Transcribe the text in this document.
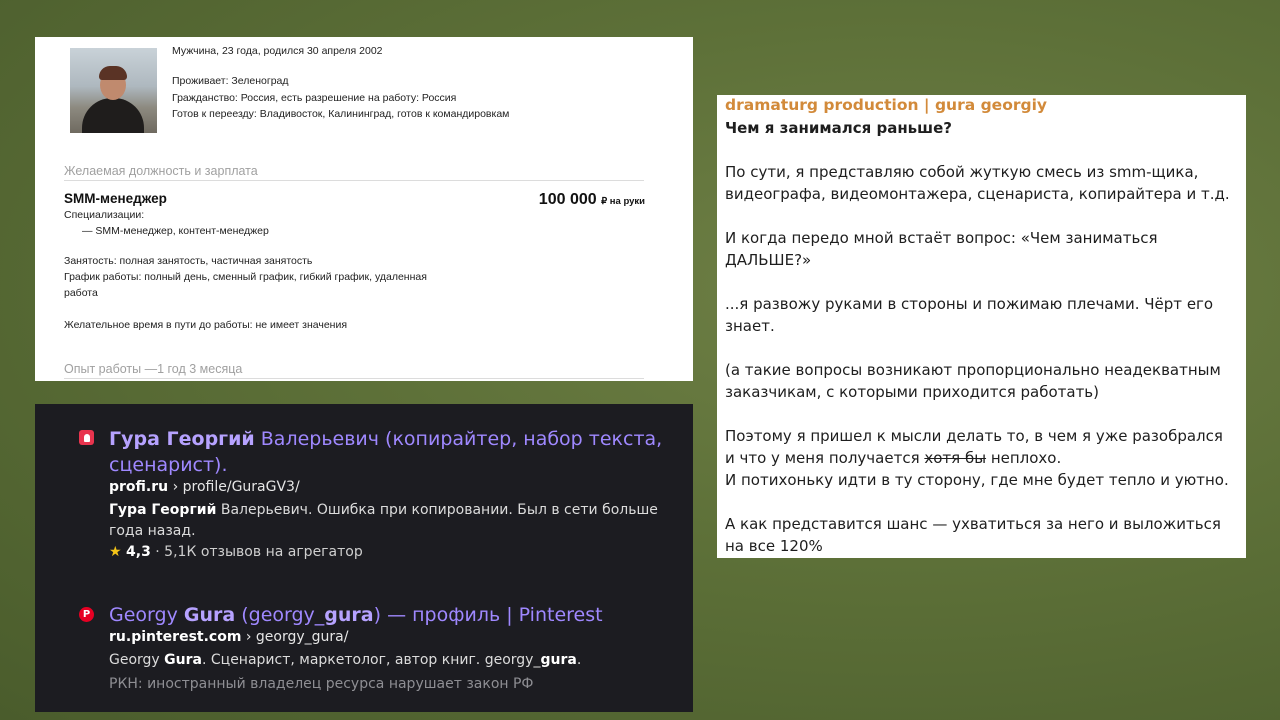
Мужчина, 23 года, родился 30 апреля 2002
Проживает: Зеленоград
Гражданство: Россия, есть разрешение на работу: Россия
Готов к переезду: Владивосток, Калининград, готов к командировкам
Желаемая должность и зарплата
SMM-менеджер	100 000 ₽ на руки
Специализации:
— SMM-менеджер, контент-менеджер
Занятость: полная занятость, частичная занятость
График работы: полный день, сменный график, гибкий график, удаленная работа
Желательное время в пути до работы: не имеет значения
Опыт работы —1 год 3 месяца
Гура Георгий Валерьевич (копирайтер, набор текста, сценарист).
profi.ru › profile/GuraGV3/
Гура Георгий Валерьевич. Ошибка при копировании. Был в сети больше года назад.
★ 4,3 · 5,1К отзывов на агрегатор
P Georgy Gura (georgy_gura) — профиль | Pinterest
ru.pinterest.com › georgy_gura/
Georgy Gura. Сценарист, маркетолог, автор книг. georgy_gura.
РКН: иностранный владелец ресурса нарушает закон РФ
dramaturg production | gura georgiy

Чем я занимался раньше?

По сути, я представляю собой жуткую смесь из smm-щика, видеографа, видеомонтажера, сценариста, копирайтера и т.д.

И когда передо мной встаёт вопрос: «Чем заниматься ДАЛЬШЕ?»

...я развожу руками в стороны и пожимаю плечами. Чёрт его знает.

(а такие вопросы возникают пропорционально неадекватным заказчикам, с которыми приходится работать)

Поэтому я пришел к мысли делать то, в чем я уже разобрался и что у меня получается хотя бы неплохо.
И потихоньку идти в ту сторону, где мне будет тепло и уютно.

А как представится шанс — ухватиться за него и выложиться на все 120%
